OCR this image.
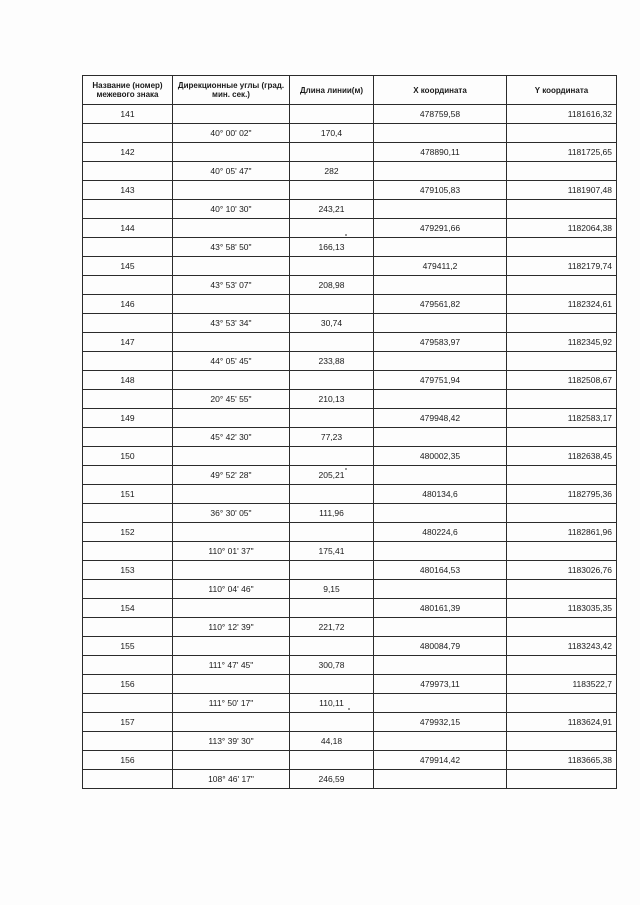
Название (номер) межевого знака	Дирекционные углы (град. мин. сек.)	Длина линии(м)	X координата	Y координата
141			478759,58	1181616,32
	40° 00' 02"	170,4		
142			478890,11	1181725,65
	40° 05' 47"	282		
143			479105,83	1181907,48
	40° 10' 30"	243,21		
144			479291,66	1182064,38
	43° 58' 50"	166,13		
145			479411,2	1182179,74
	43° 53' 07"	208,98		
146			479561,82	1182324,61
	43° 53' 34"	30,74		
147			479583,97	1182345,92
	44° 05' 45"	233,88		
148			479751,94	1182508,67
	20° 45' 55"	210,13		
149			479948,42	1182583,17
	45° 42' 30"	77,23		
150			480002,35	1182638,45
	49° 52' 28"	205,21		
151			480134,6	1182795,36
	36° 30' 05"	111,96		
152			480224,6	1182861,96
	110° 01' 37"	175,41		
153			480164,53	1183026,76
	110° 04' 46"	9,15		
154			480161,39	1183035,35
	110° 12' 39"	221,72		
155			480084,79	1183243,42
	111° 47' 45"	300,78		
156			479973,11	1183522,7
	111° 50' 17"	110,11		
157			479932,15	1183624,91
	113° 39' 30"	44,18		
156			479914,42	1183665,38
	108° 46' 17"	246,59		
